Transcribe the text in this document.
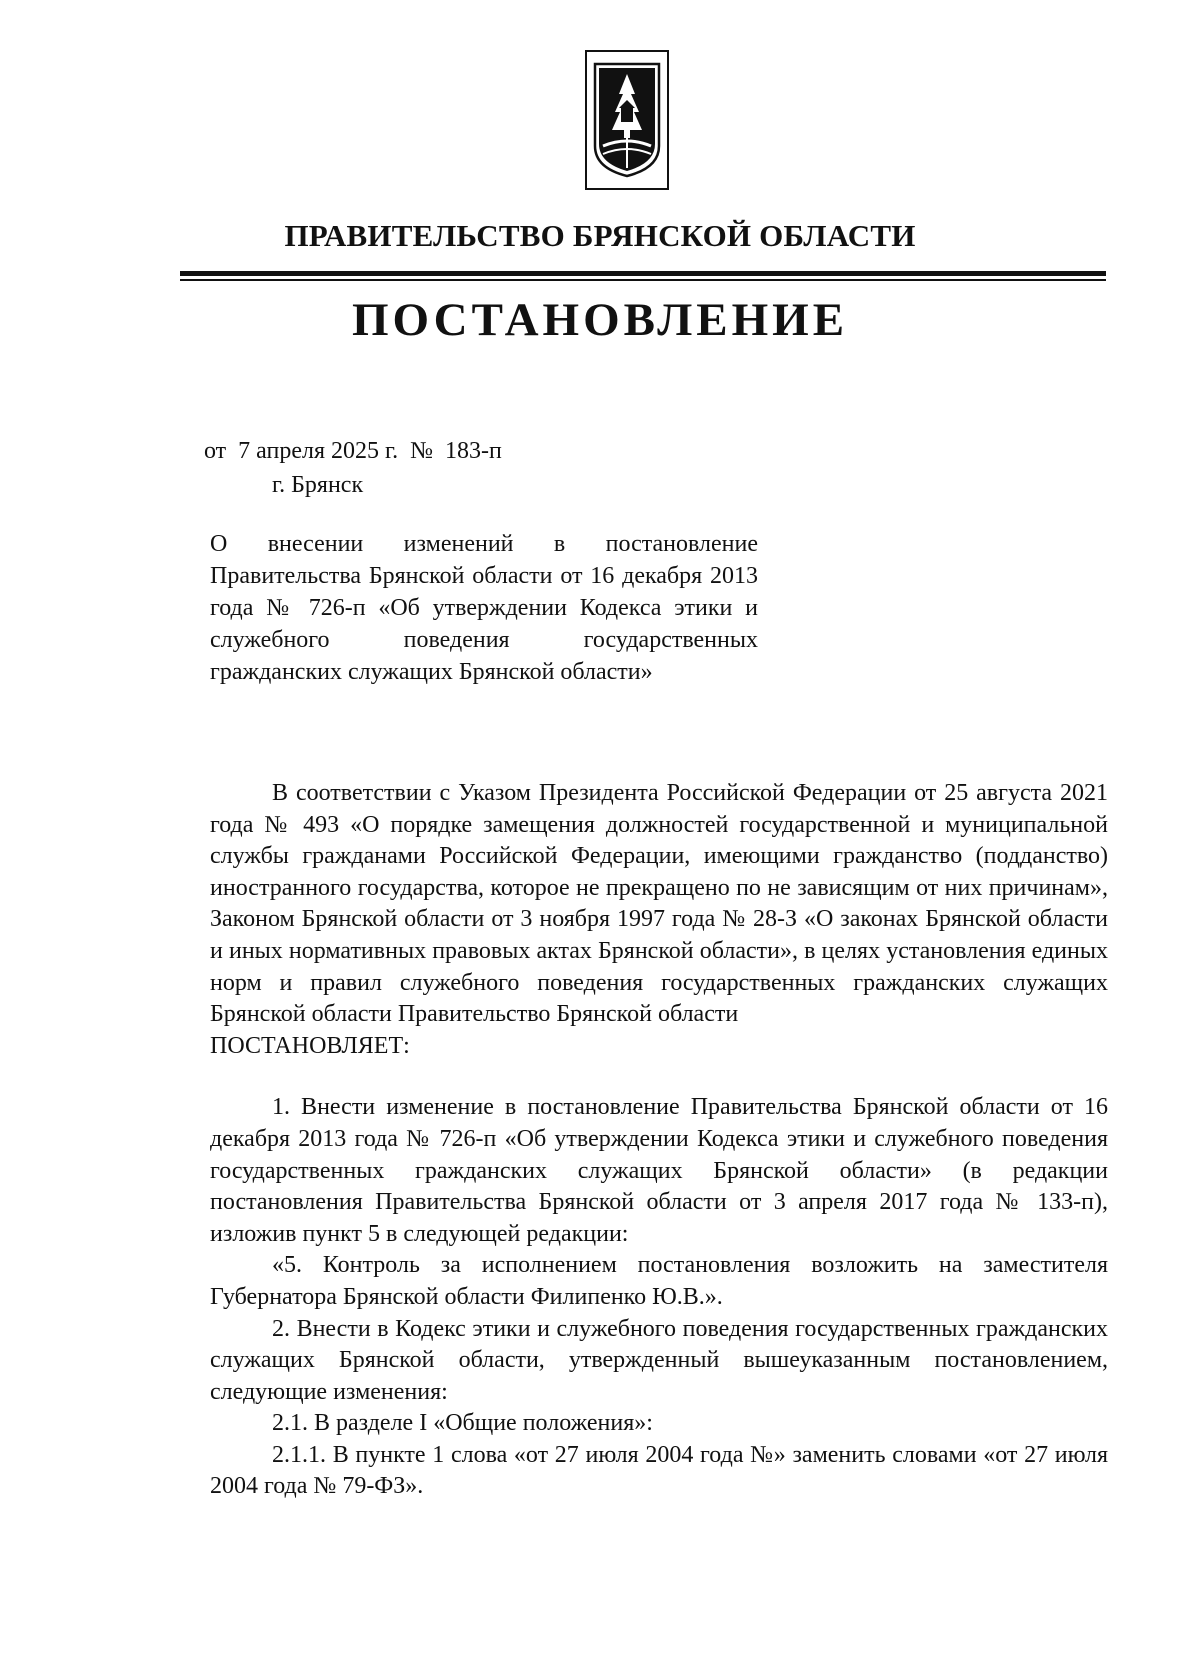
ПРАВИТЕЛЬСТВО БРЯНСКОЙ ОБЛАСТИ
ПОСТАНОВЛЕНИЕ
от  7 апреля 2025 г.  №  183-п
г. Брянск
О внесении изменений в постановление Правительства Брянской области от 16 декабря 2013 года № 726-п «Об утверждении Кодекса этики и служебного поведения государственных гражданских служащих Брянской области»

В соответствии с Указом Президента Российской Федерации от 25 августа 2021 года № 493 «О порядке замещения должностей государственной и муниципальной службы гражданами Российской Федерации, имеющими гражданство (подданство) иностранного государства, которое не прекращено по не зависящим от них причинам», Законом Брянской области от 3 ноября 1997 года № 28-З «О законах Брянской области и иных нормативных правовых актах Брянской области», в целях установления единых норм и правил служебного поведения государственных гражданских служащих Брянской области Правительство Брянской области

ПОСТАНОВЛЯЕТ:

1. Внести изменение в постановление Правительства Брянской области от 16 декабря 2013 года № 726-п «Об утверждении Кодекса этики и служебного поведения государственных гражданских служащих Брянской области» (в редакции постановления Правительства Брянской области от 3 апреля 2017 года № 133-п), изложив пункт 5 в следующей редакции:

«5. Контроль за исполнением постановления возложить на заместителя Губернатора Брянской области Филипенко Ю.В.».

2. Внести в Кодекс этики и служебного поведения государственных гражданских служащих Брянской области, утвержденный вышеуказанным постановлением, следующие изменения:

2.1. В разделе I «Общие положения»:

2.1.1. В пункте 1 слова «от 27 июля 2004 года №» заменить словами «от 27 июля 2004 года № 79-ФЗ».
